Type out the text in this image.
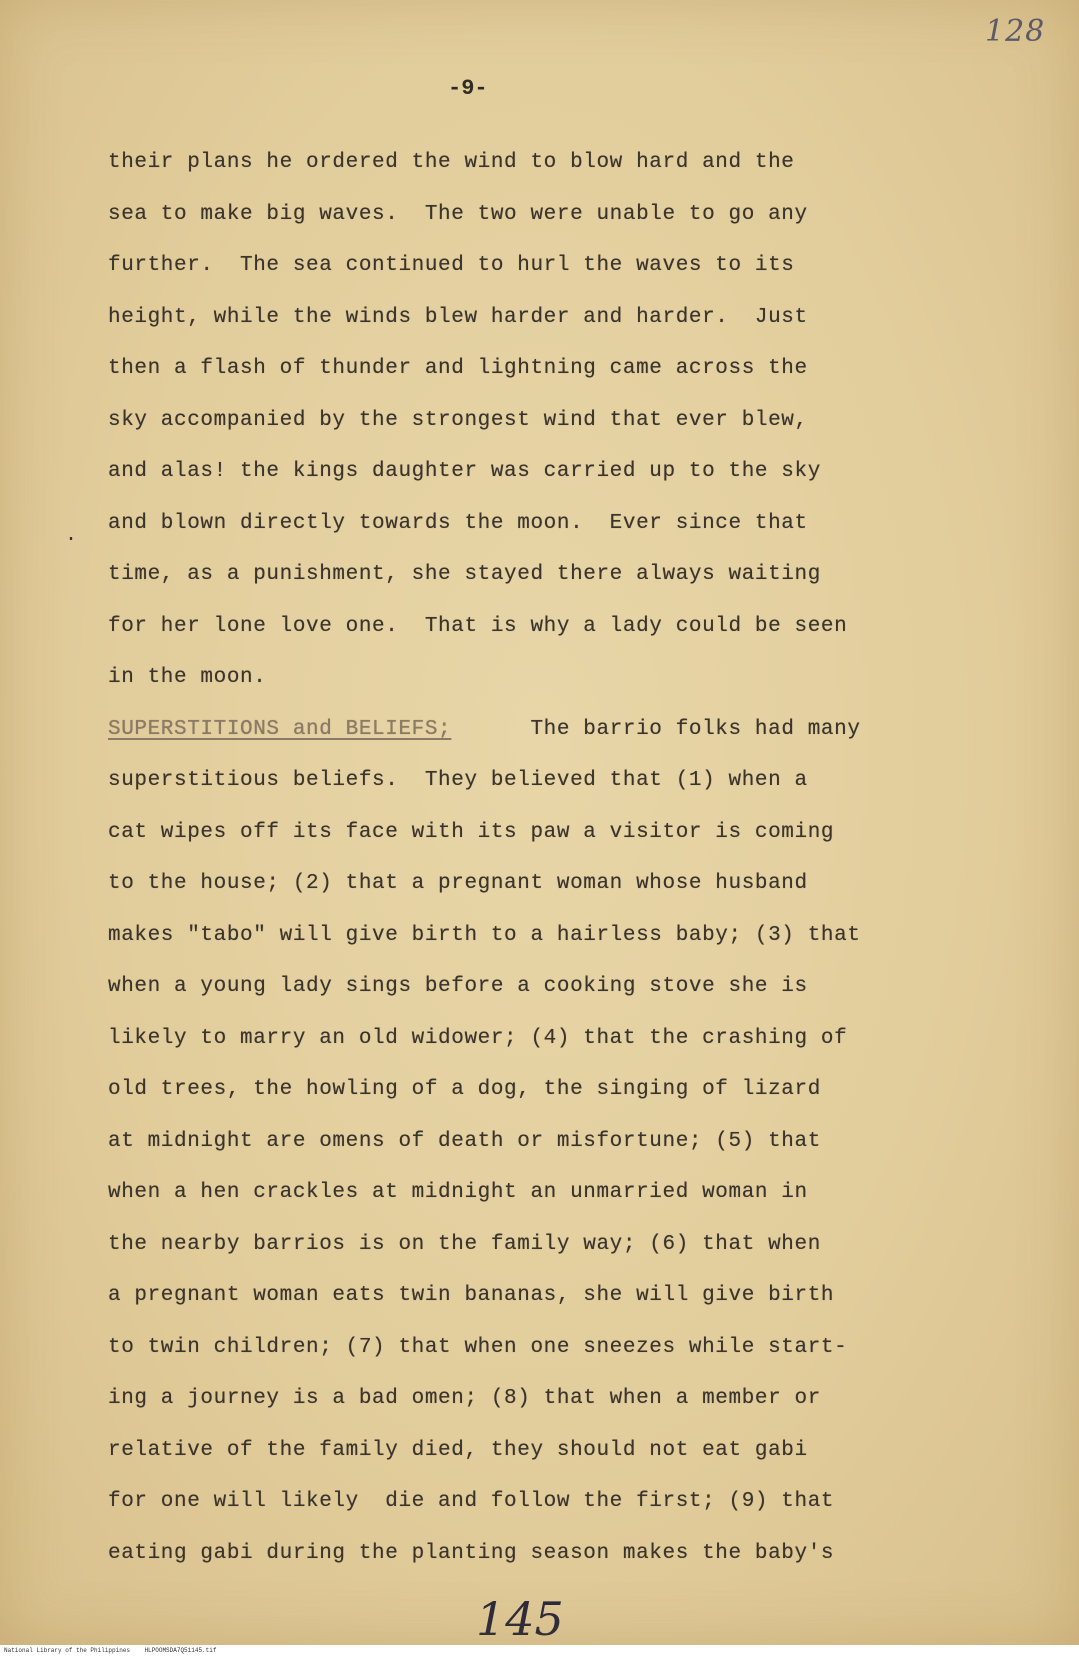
128
-9-
.
their plans he ordered the wind to blow hard and the
sea to make big waves.  The two were unable to go any
further.  The sea continued to hurl the waves to its
height, while the winds blew harder and harder.  Just
then a flash of thunder and lightning came across the
sky accompanied by the strongest wind that ever blew,
and alas! the kings daughter was carried up to the sky
and blown directly towards the moon.  Ever since that
time, as a punishment, she stayed there always waiting
for her lone love one.  That is why a lady could be seen
in the moon.
SUPERSTITIONS and BELIEFS;      The barrio folks had many
superstitious beliefs.  They believed that (1) when a
cat wipes off its face with its paw a visitor is coming
to the house; (2) that a pregnant woman whose husband
makes "tabo" will give birth to a hairless baby; (3) that
when a young lady sings before a cooking stove she is
likely to marry an old widower; (4) that the crashing of
old trees, the howling of a dog, the singing of lizard
at midnight are omens of death or misfortune; (5) that
when a hen crackles at midnight an unmarried woman in
the nearby barrios is on the family way; (6) that when
a pregnant woman eats twin bananas, she will give birth
to twin children; (7) that when one sneezes while start-
ing a journey is a bad omen; (8) that when a member or
relative of the family died, they should not eat gabi
for one will likely  die and follow the first; (9) that
eating gabi during the planting season makes the baby's
145
National Library of the Philippines HLPOOMSDA7Q51145.tif
